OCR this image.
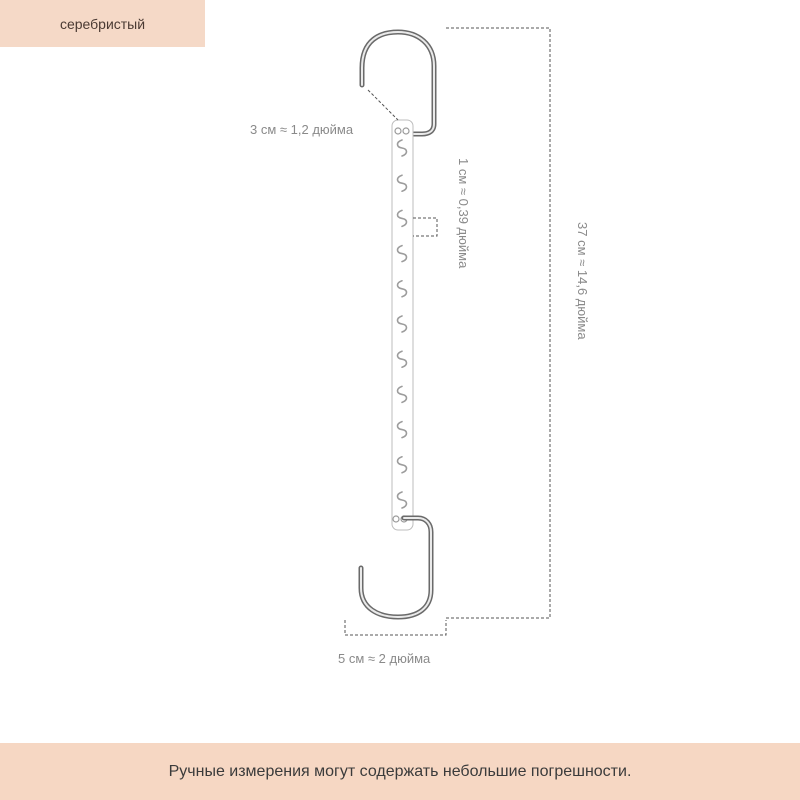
серебристый
3 см ≈ 1,2 дюйма
1 см ≈ 0,39 дюйма
37 см ≈ 14,6 дюйма
5 см ≈ 2 дюйма
Ручные измерения могут содержать небольшие погрешности.
